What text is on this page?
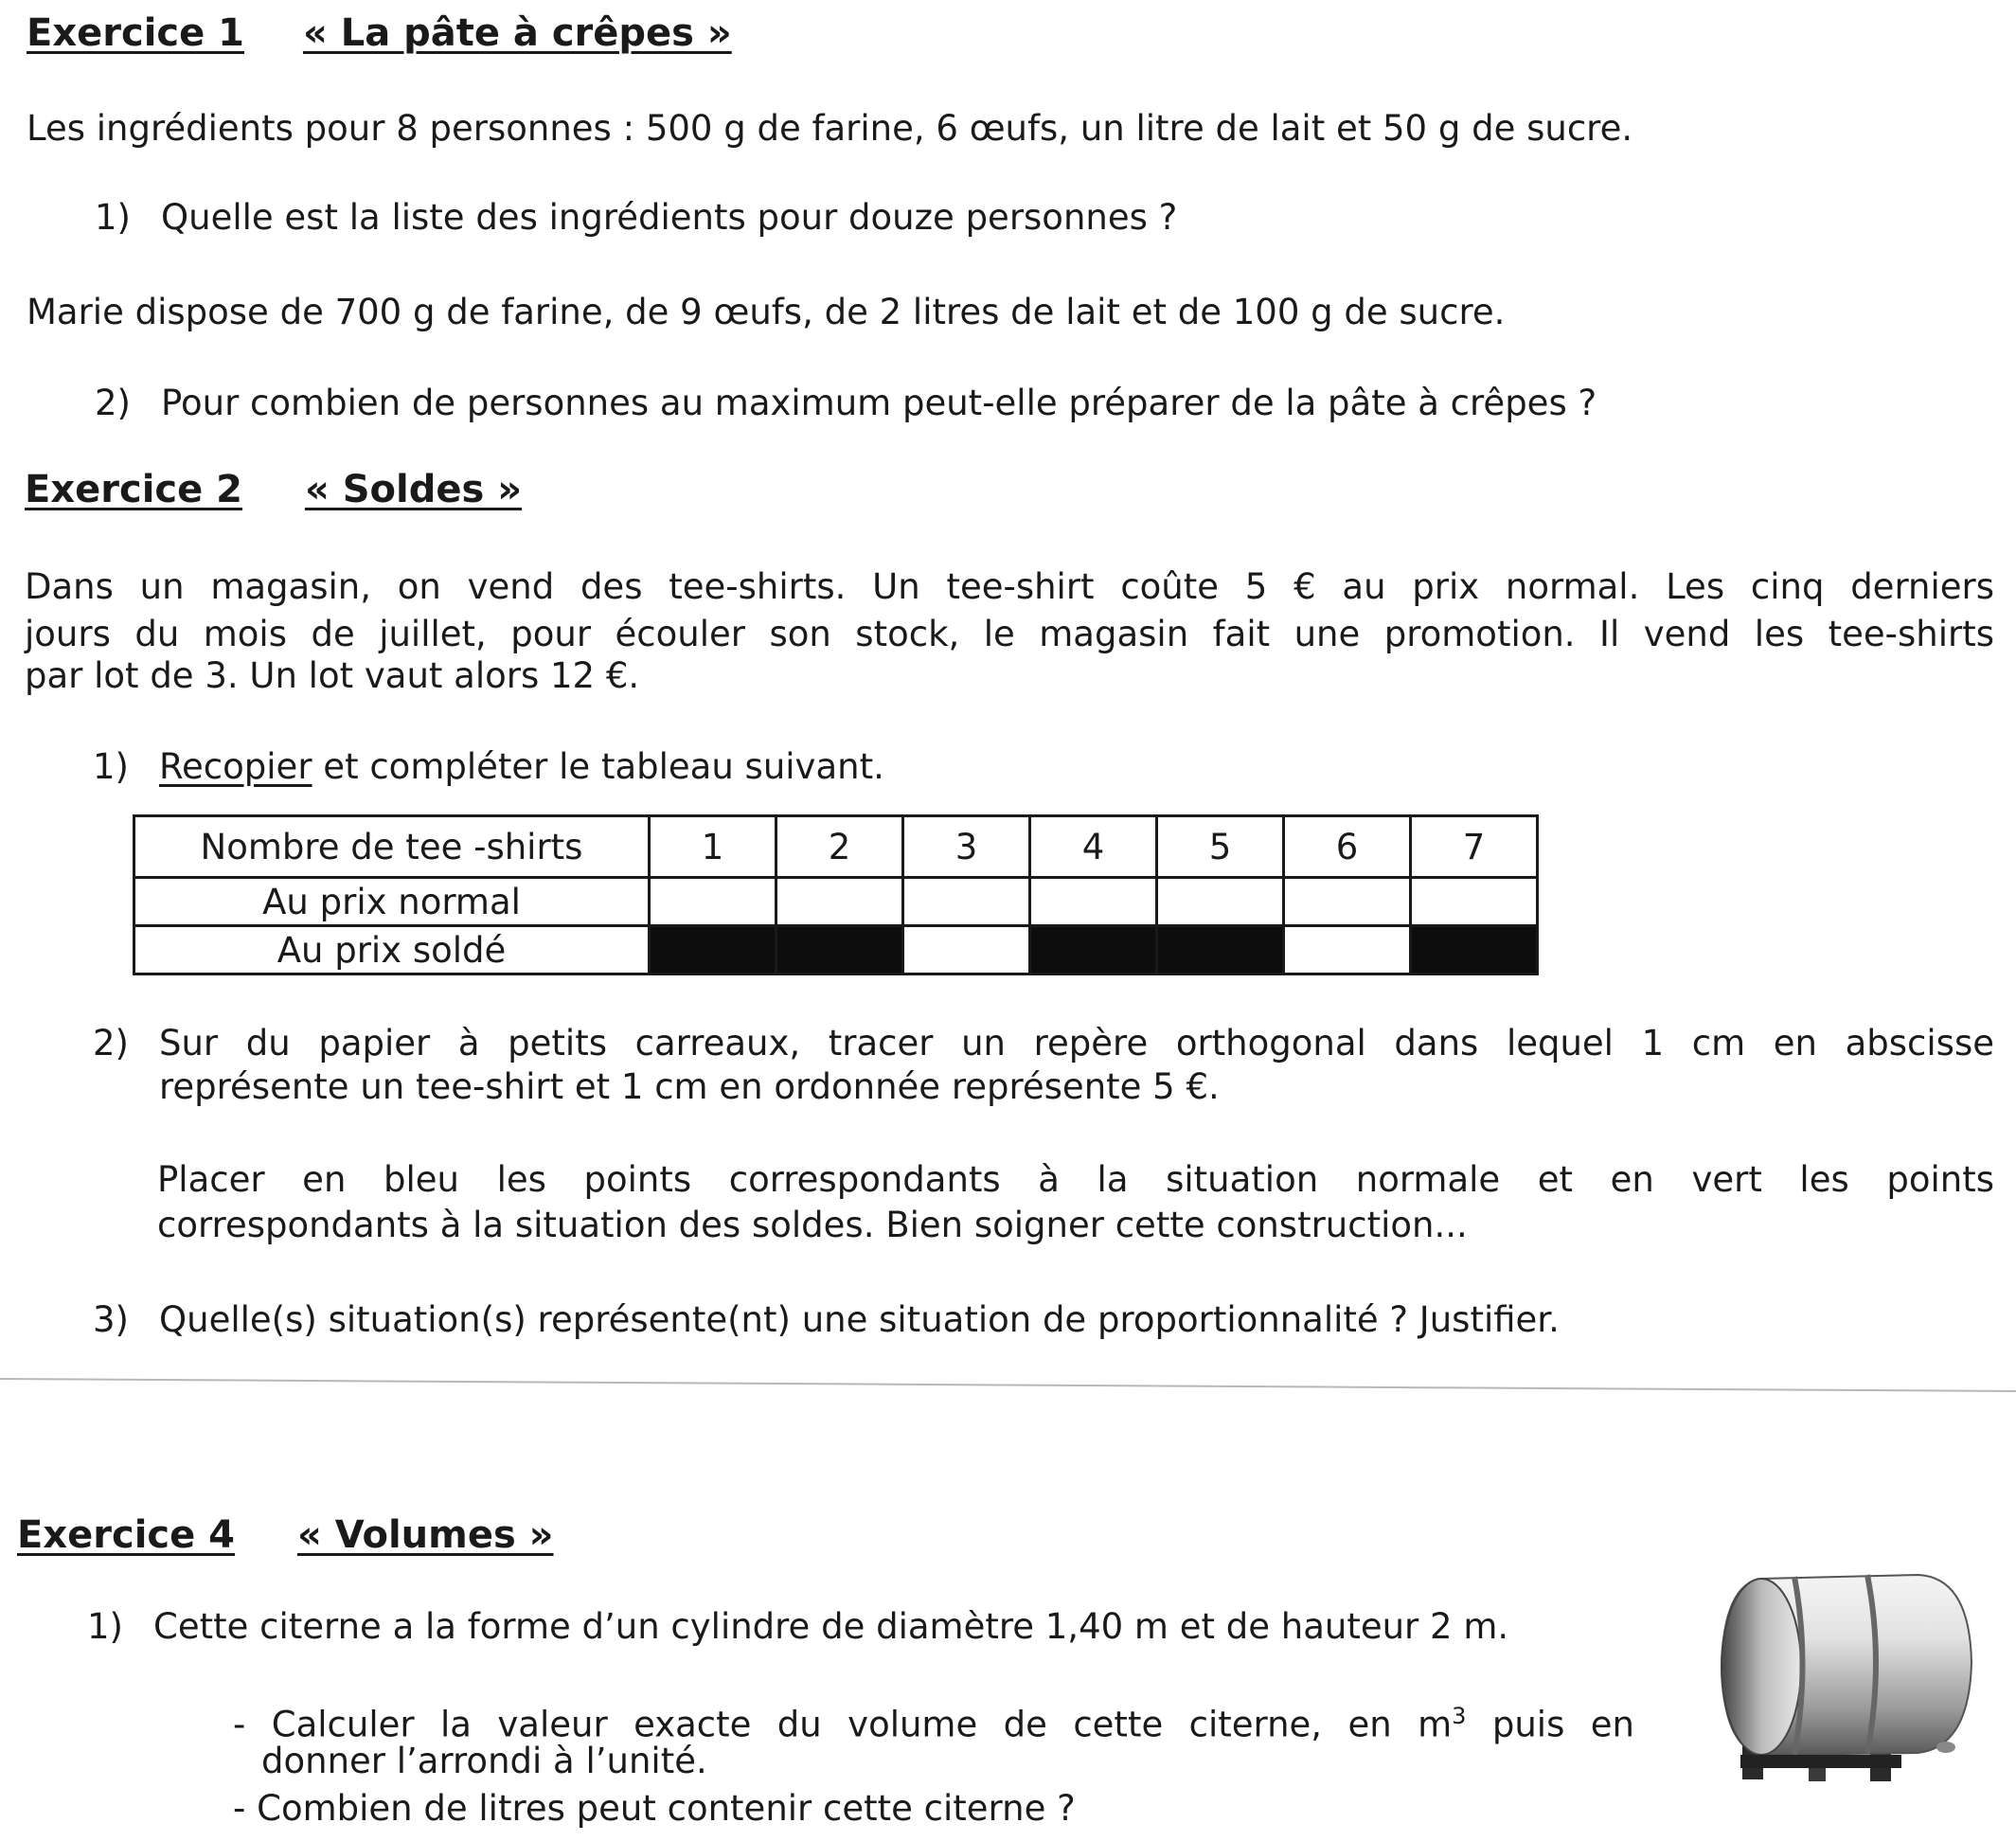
Exercice 1 « La pâte à crêpes »
Les ingrédients pour 8 personnes : 500 g de farine, 6 œufs, un litre de lait et 50 g de sucre.
1) Quelle est la liste des ingrédients pour douze personnes ?
Marie dispose de 700 g de farine, de 9 œufs, de 2 litres de lait et de 100 g de sucre.
2) Pour combien de personnes au maximum peut-elle préparer de la pâte à crêpes ?
Exercice 2 « Soldes »
Dans un magasin, on vend des tee-shirts. Un tee-shirt coûte 5 € au prix normal. Les cinq derniers
jours du mois de juillet, pour écouler son stock, le magasin fait une promotion. Il vend les tee-shirts
par lot de 3. Un lot vaut alors 12 €.
1) Recopier et compléter le tableau suivant.
Nombre de tee -shirts	1	2	3	4	5	6	7
Au prix normal							
Au prix soldé							
2) Sur du papier à petits carreaux, tracer un repère orthogonal dans lequel 1 cm en abscisse
représente un tee-shirt et 1 cm en ordonnée représente 5 €.
Placer en bleu les points correspondants à la situation normale et en vert les points
correspondants à la situation des soldes. Bien soigner cette construction...
3) Quelle(s) situation(s) représente(nt) une situation de proportionnalité ? Justifier.
Exercice 4 « Volumes »
1) Cette citerne a la forme d’un cylindre de diamètre 1,40 m et de hauteur 2 m.
- Calculer la valeur exacte du volume de cette citerne, en $m^3$ puis en
donner l’arrondi à l’unité.
- Combien de litres peut contenir cette citerne ?
